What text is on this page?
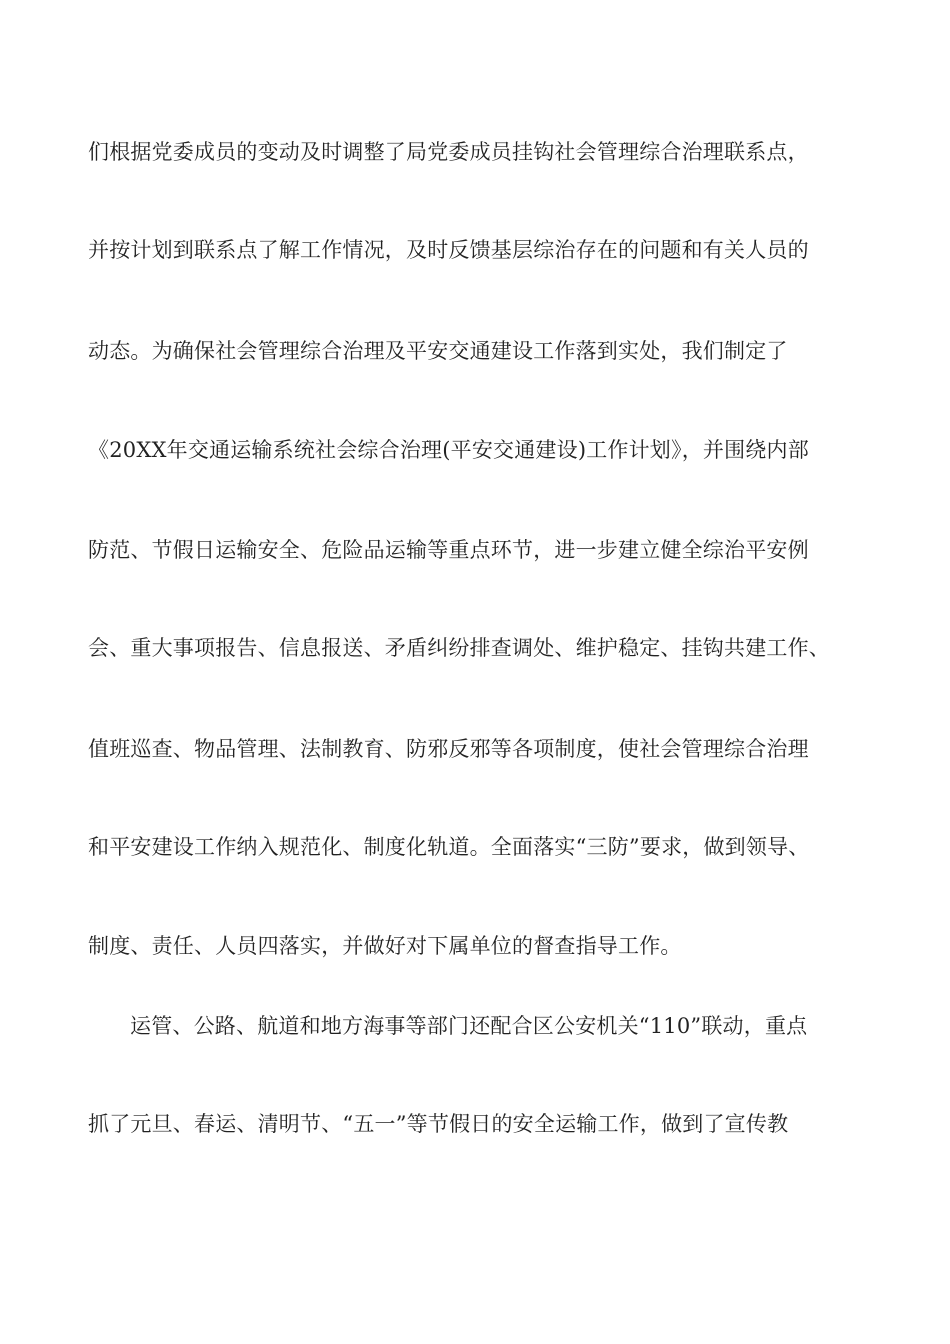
们根据党委成员的变动及时调整了局党委成员挂钩社会管理综合治理联系点，
并按计划到联系点了解工作情况，及时反馈基层综治存在的问题和有关人员的
动态。为确保社会管理综合治理及平安交通建设工作落到实处，我们制定了
《20XX年交通运输系统社会综合治理(平安交通建设)工作计划》，并围绕内部
防范、节假日运输安全、危险品运输等重点环节，进一步建立健全综治平安例
会、重大事项报告、信息报送、矛盾纠纷排查调处、维护稳定、挂钩共建工作、
值班巡查、物品管理、法制教育、防邪反邪等各项制度，使社会管理综合治理
和平安建设工作纳入规范化、制度化轨道。全面落实“三防”要求，做到领导、
制度、责任、人员四落实，并做好对下属单位的督查指导工作。
运管、公路、航道和地方海事等部门还配合区公安机关“110”联动，重点
抓了元旦、春运、清明节、“五一”等节假日的安全运输工作，做到了宣传教
